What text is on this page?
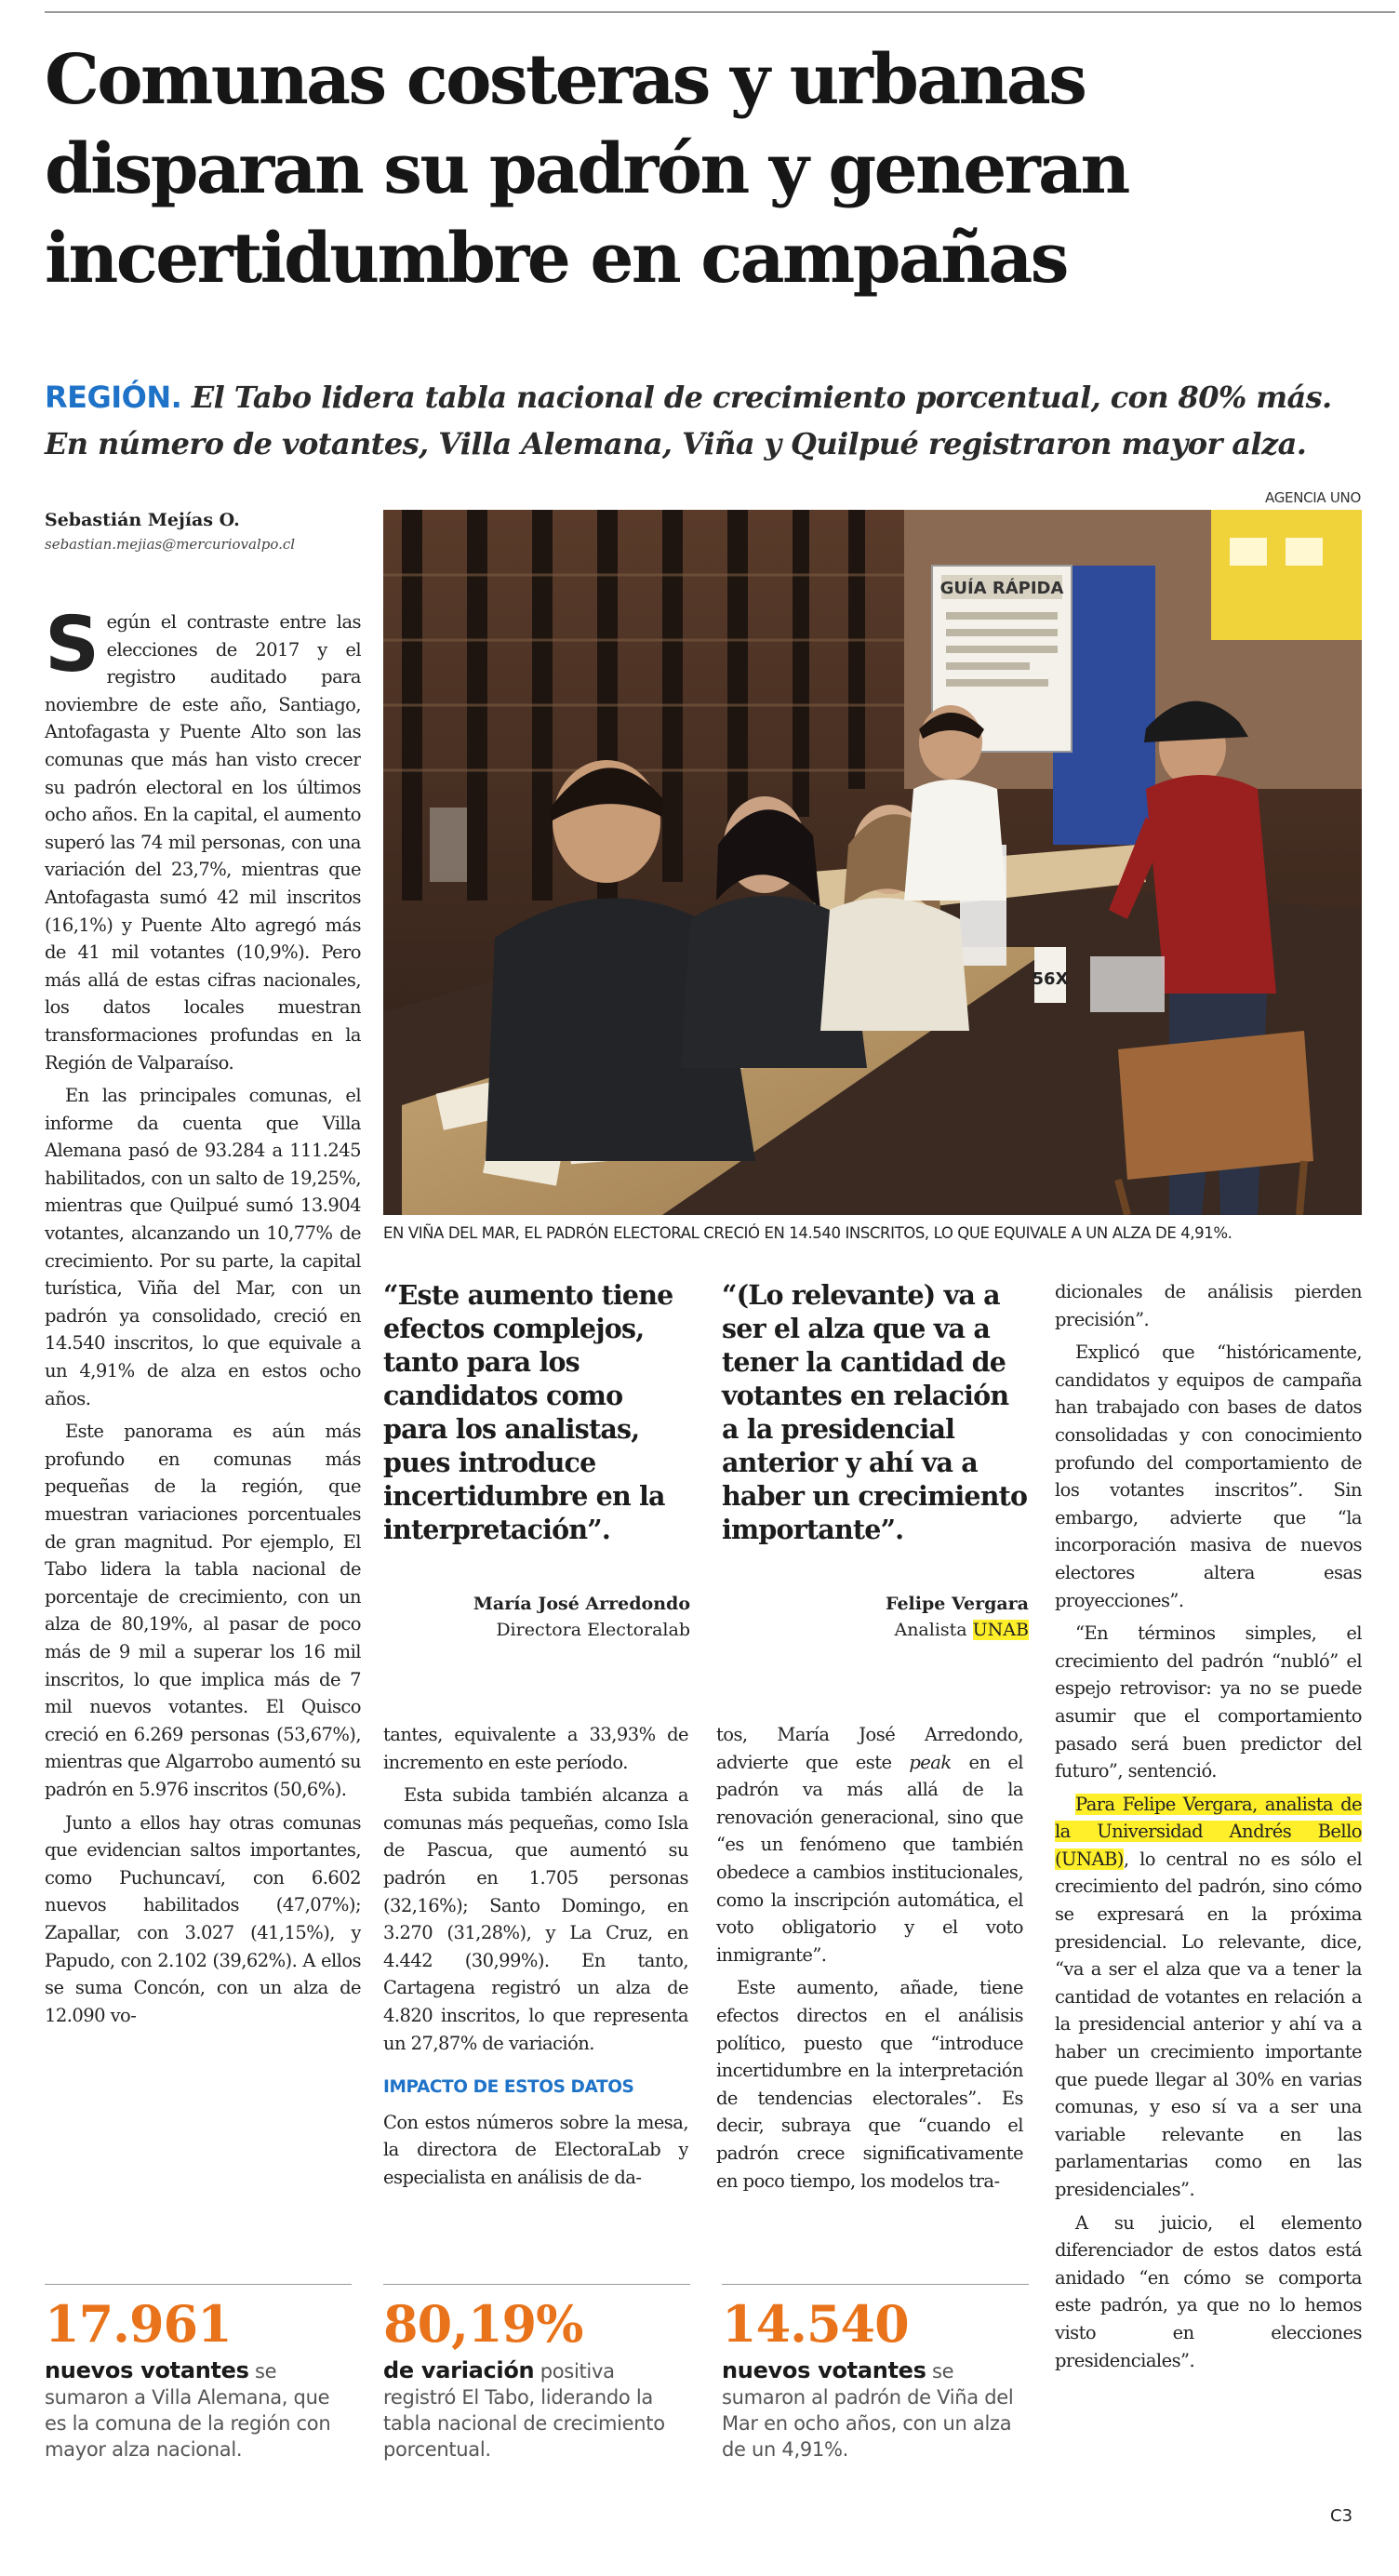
Comunas costeras y urbanas
disparan su padrón y generan
incertidumbre en campañas

REGIÓN. El Tabo lidera tabla nacional de crecimiento porcentual, con 80% más. En número de votantes, Villa Alemana, Viña y Quilpué registraron mayor alza.

AGENCIA UNO
Sebastián Mejías O.
sebastian.mejias@mercuriovalpo.cl
GUÍA RÁPIDA
56X
EN VIÑA DEL MAR, EL PADRÓN ELECTORAL CRECIÓ EN 14.540 INSCRITOS, LO QUE EQUIVALE A UN ALZA DE 4,91%.

Según el contraste entre las elecciones de 2017 y el registro auditado para noviembre de este año, Santiago, Antofagasta y Puente Alto son las comunas que más han visto crecer su padrón electoral en los últimos ocho años. En la capital, el aumento superó las 74 mil personas, con una variación del 23,7%, mientras que Antofagasta sumó 42 mil inscritos (16,1%) y Puente Alto agregó más de 41 mil votantes (10,9%). Pero más allá de estas cifras nacionales, los datos locales muestran transformaciones profundas en la Región de Valparaíso.

En las principales comunas, el informe da cuenta que Villa Alemana pasó de 93.284 a 111.245 habilitados, con un salto de 19,25%, mientras que Quilpué sumó 13.904 votantes, alcanzando un 10,77% de crecimiento. Por su parte, la capital turística, Viña del Mar, con un padrón ya consolidado, creció en 14.540 inscritos, lo que equivale a un 4,91% de alza en estos ocho años.

Este panorama es aún más profundo en comunas más pequeñas de la región, que muestran variaciones porcentuales de gran magnitud. Por ejemplo, El Tabo lidera la tabla nacional de porcentaje de crecimiento, con un alza de 80,19%, al pasar de poco más de 9 mil a superar los 16 mil inscritos, lo que implica más de 7 mil nuevos votantes. El Quisco creció en 6.269 personas (53,67%), mientras que Algarrobo aumentó su padrón en 5.976 inscritos (50,6%).

Junto a ellos hay otras comunas que evidencian saltos importantes, como Puchuncaví, con 6.602 nuevos habilitados (47,07%); Zapallar, con 3.027 (41,15%), y Papudo, con 2.102 (39,62%). A ellos se suma Concón, con un alza de 12.090 vo-

“Este aumento tiene efectos complejos, tanto para los candidatos como para los analistas, pues introduce incertidumbre en la interpretación”.
María José Arredondo
Directora Electoralab
“(Lo relevante) va a ser el alza que va a tener la cantidad de votantes en relación a la presidencial anterior y ahí va a haber un crecimiento importante”.
Felipe Vergara
Analista UNAB

tantes, equivalente a 33,93% de incremento en este período.

Esta subida también alcanza a comunas más pequeñas, como Isla de Pascua, que aumentó su padrón en 1.705 personas (32,16%); Santo Domingo, en 3.270 (31,28%), y La Cruz, en 4.442 (30,99%). En tanto, Cartagena registró un alza de 4.820 inscritos, lo que representa un 27,87% de variación.

IMPACTO DE ESTOS DATOS

Con estos números sobre la mesa, la directora de ElectoraLab y especialista en análisis de da-

tos, María José Arredondo, advierte que este peak en el padrón va más allá de la renovación generacional, sino que “es un fenómeno que también obedece a cambios institucionales, como la inscripción automática, el voto obligatorio y el voto inmigrante”.

Este aumento, añade, tiene efectos directos en el análisis político, puesto que “introduce incertidumbre en la interpretación de tendencias electorales”. Es decir, subraya que “cuando el padrón crece significativamente en poco tiempo, los modelos tra-

dicionales de análisis pierden precisión”.

Explicó que “históricamente, candidatos y equipos de campaña han trabajado con bases de datos consolidadas y con conocimiento profundo del comportamiento de los votantes inscritos”. Sin embargo, advierte que “la incorporación masiva de nuevos electores altera esas proyecciones”.

“En términos simples, el crecimiento del padrón “nubló” el espejo retrovisor: ya no se puede asumir que el comportamiento pasado será buen predictor del futuro”, sentenció.

Para Felipe Vergara, analista de la Universidad Andrés Bello (UNAB), lo central no es sólo el crecimiento del padrón, sino cómo se expresará en la próxima presidencial. Lo relevante, dice, “va a ser el alza que va a tener la cantidad de votantes en relación a la presidencial anterior y ahí va a haber un crecimiento importante que puede llegar al 30% en varias comunas, y eso sí va a ser una variable relevante en las parlamentarias como en las presidenciales”.

A su juicio, el elemento diferenciador de estos datos está anidado “en cómo se comporta este padrón, ya que no lo hemos visto en elecciones presidenciales”.

17.961
nuevos votantes se sumaron a Villa Alemana, que es la comuna de la región con mayor alza nacional.
80,19%
de variación positiva registró El Tabo, liderando la tabla nacional de crecimiento porcentual.
14.540
nuevos votantes se sumaron al padrón de Viña del Mar en ocho años, con un alza de un 4,91%.
C3
